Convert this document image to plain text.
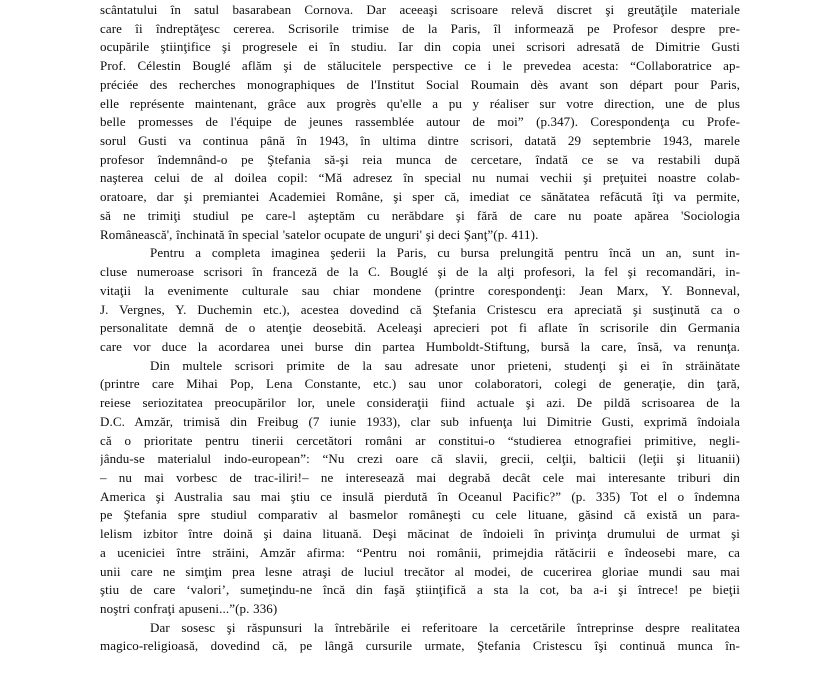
scântatului în satul basarabean Cornova. Dar aceeaşi scrisoare relevă discret şi greutăţile materiale
care îi îndreptăţesc cererea. Scrisorile trimise de la Paris, îl informează pe Profesor despre pre-
ocupările ştiinţifice şi progresele ei în studiu. Iar din copia unei scrisori adresată de Dimitrie Gusti
Prof. Célestin Bouglé aflăm şi de stălucitele perspective ce i le prevedea acesta: “Collaboratrice ap-
préciée des recherches monographiques de l'Institut Social Roumain dès avant son départ pour Paris,
elle représente maintenant, grâce aux progrès qu'elle a pu y réaliser sur votre direction, une de plus
belle promesses de l'équipe de jeunes rassemblée autour de moi” (p.347). Corespondenţa cu Profe-
sorul Gusti va continua până în 1943, în ultima dintre scrisori, datată 29 septembrie 1943, marele
profesor îndemnând-o pe Ştefania să-şi reia munca de cercetare, îndată ce se va restabili după
naşterea celui de al doilea copil: “Mă adresez în special nu numai vechii şi preţuitei noastre colab-
oratoare, dar şi premiantei Academiei Române, şi sper că, imediat ce sănătatea refăcută îţi va permite,
să ne trimiţi studiul pe care-l aşteptăm cu nerăbdare şi fără de care nu poate apărea 'Sociologia
Românească', închinată în special 'satelor ocupate de unguri' şi deci Şanţ”(p. 411).
Pentru a completa imaginea şederii la Paris, cu bursa prelungită pentru încă un an, sunt in-
cluse numeroase scrisori în franceză de la C. Bouglé şi de la alţi profesori, la fel şi recomandări, in-
vitaţii la evenimente culturale sau chiar mondene (printre corespondenţi: Jean Marx, Y. Bonneval,
J. Vergnes, Y. Duchemin etc.), acestea dovedind că Ştefania Cristescu era apreciată şi susţinută ca o
personalitate demnă de o atenţie deosebită. Aceleaşi aprecieri pot fi aflate în scrisorile din Germania
care vor duce la acordarea unei burse din partea Humboldt-Stiftung, bursă la care, însă, va renunţa.
Din multele scrisori primite de la sau adresate unor prieteni, studenţi şi ei în străinătate
(printre care Mihai Pop, Lena Constante, etc.) sau unor colaboratori, colegi de generaţie, din ţară,
reiese seriozitatea preocupărilor lor, unele consideraţii fiind actuale şi azi. De pildă scrisoarea de la
D.C. Amzăr, trimisă din Freibug (7 iunie 1933), clar sub infuenţa lui Dimitrie Gusti, exprimă îndoiala
că o prioritate pentru tinerii cercetători români ar constitui-o “studierea etnografiei primitive, negli-
jându-se materialul indo-european”: “Nu crezi oare că slavii, grecii, celţii, balticii (leţii şi lituanii)
– nu mai vorbesc de trac-iliri!– ne interesează mai degrabă decât cele mai interesante triburi din
America şi Australia sau mai ştiu ce insulă pierdută în Oceanul Pacific?” (p. 335) Tot el o îndemna
pe Ştefania spre studiul comparativ al basmelor româneşti cu cele lituane, găsind că există un para-
lelism izbitor între doină şi daina lituană. Deşi măcinat de îndoieli în privinţa drumului de urmat şi
a uceniciei între străini, Amzăr afirma: “Pentru noi românii, primejdia rătăcirii e îndeosebi mare, ca
unii care ne simţim prea lesne atraşi de luciul trecător al modei, de cucerirea gloriae mundi sau mai
ştiu de care ʻvaloriʼ, sumeţindu-ne încă din faşă ştiinţifică a sta la cot, ba a-i şi întrece! pe bieţii
noştri confraţi apuseni...”(p. 336)
Dar sosesc şi răspunsuri la întrebările ei referitoare la cercetările întreprinse despre realitatea
magico-religioasă, dovedind că, pe lângă cursurile urmate, Ştefania Cristescu îşi continuă munca în-
